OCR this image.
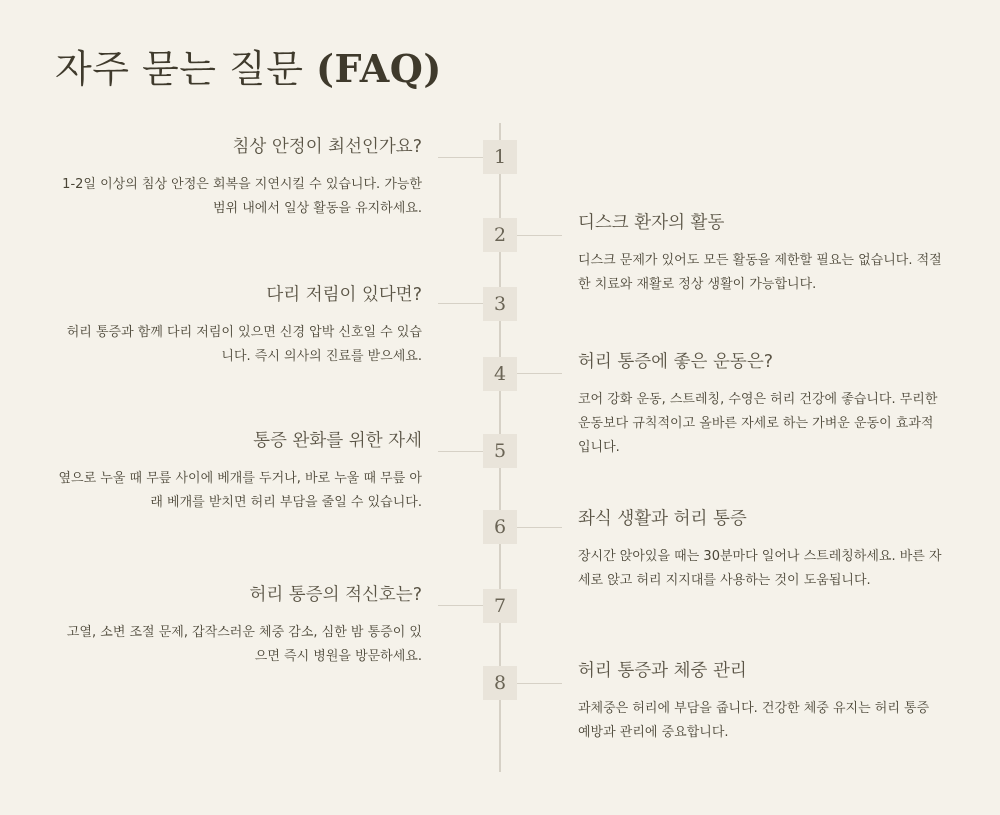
자주 묻는 질문 (FAQ)
1
침상 안정이 최선인가요?

1-2일 이상의 침상 안정은 회복을 지연시킬 수 있습니다. 가능한 범위 내에서 일상 활동을 유지하세요.

2
디스크 환자의 활동

디스크 문제가 있어도 모든 활동을 제한할 필요는 없습니다. 적절한 치료와 재활로 정상 생활이 가능합니다.

3
다리 저림이 있다면?

허리 통증과 함께 다리 저림이 있으면 신경 압박 신호일 수 있습니다. 즉시 의사의 진료를 받으세요.

4
허리 통증에 좋은 운동은?

코어 강화 운동, 스트레칭, 수영은 허리 건강에 좋습니다. 무리한 운동보다 규칙적이고 올바른 자세로 하는 가벼운 운동이 효과적입니다.

5
통증 완화를 위한 자세

옆으로 누울 때 무릎 사이에 베개를 두거나, 바로 누울 때 무릎 아래 베개를 받치면 허리 부담을 줄일 수 있습니다.

6	좌식 생활과 허리 통증

장시간 앉아있을 때는 30분마다 일어나 스트레칭하세요. 바른 자세로 앉고 허리 지지대를 사용하는 것이 도움됩니다.

7
허리 통증의 적신호는?

고열, 소변 조절 문제, 갑작스러운 체중 감소, 심한 밤 통증이 있으면 즉시 병원을 방문하세요.

8
허리 통증과 체중 관리

과체중은 허리에 부담을 줍니다. 건강한 체중 유지는 허리 통증 예방과 관리에 중요합니다.
